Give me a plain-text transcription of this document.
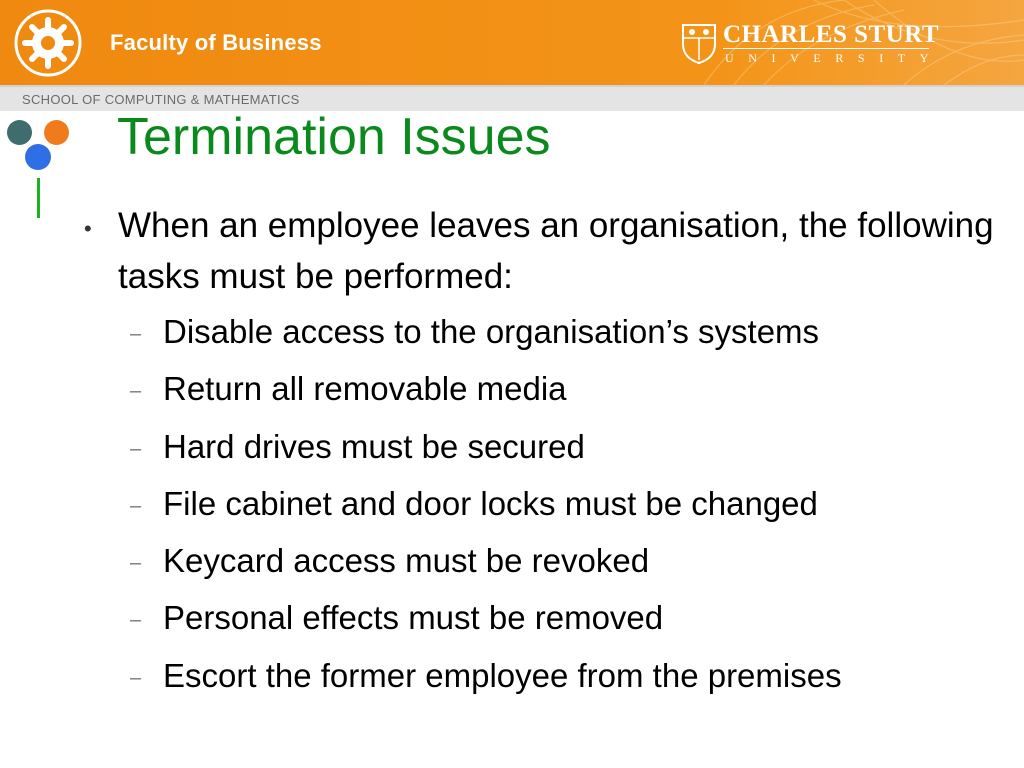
Faculty of Business	CHARLES STURT
UNIVERSITY
SCHOOL OF COMPUTING & MATHEMATICS
Termination Issues
• When an employee leaves an organisation, the following tasks must be performed:
– Disable access to the organisation’s systems
– Return all removable media
– Hard drives must be secured
– File cabinet and door locks must be changed
– Keycard access must be revoked
– Personal effects must be removed
– Escort the former employee from the premises
